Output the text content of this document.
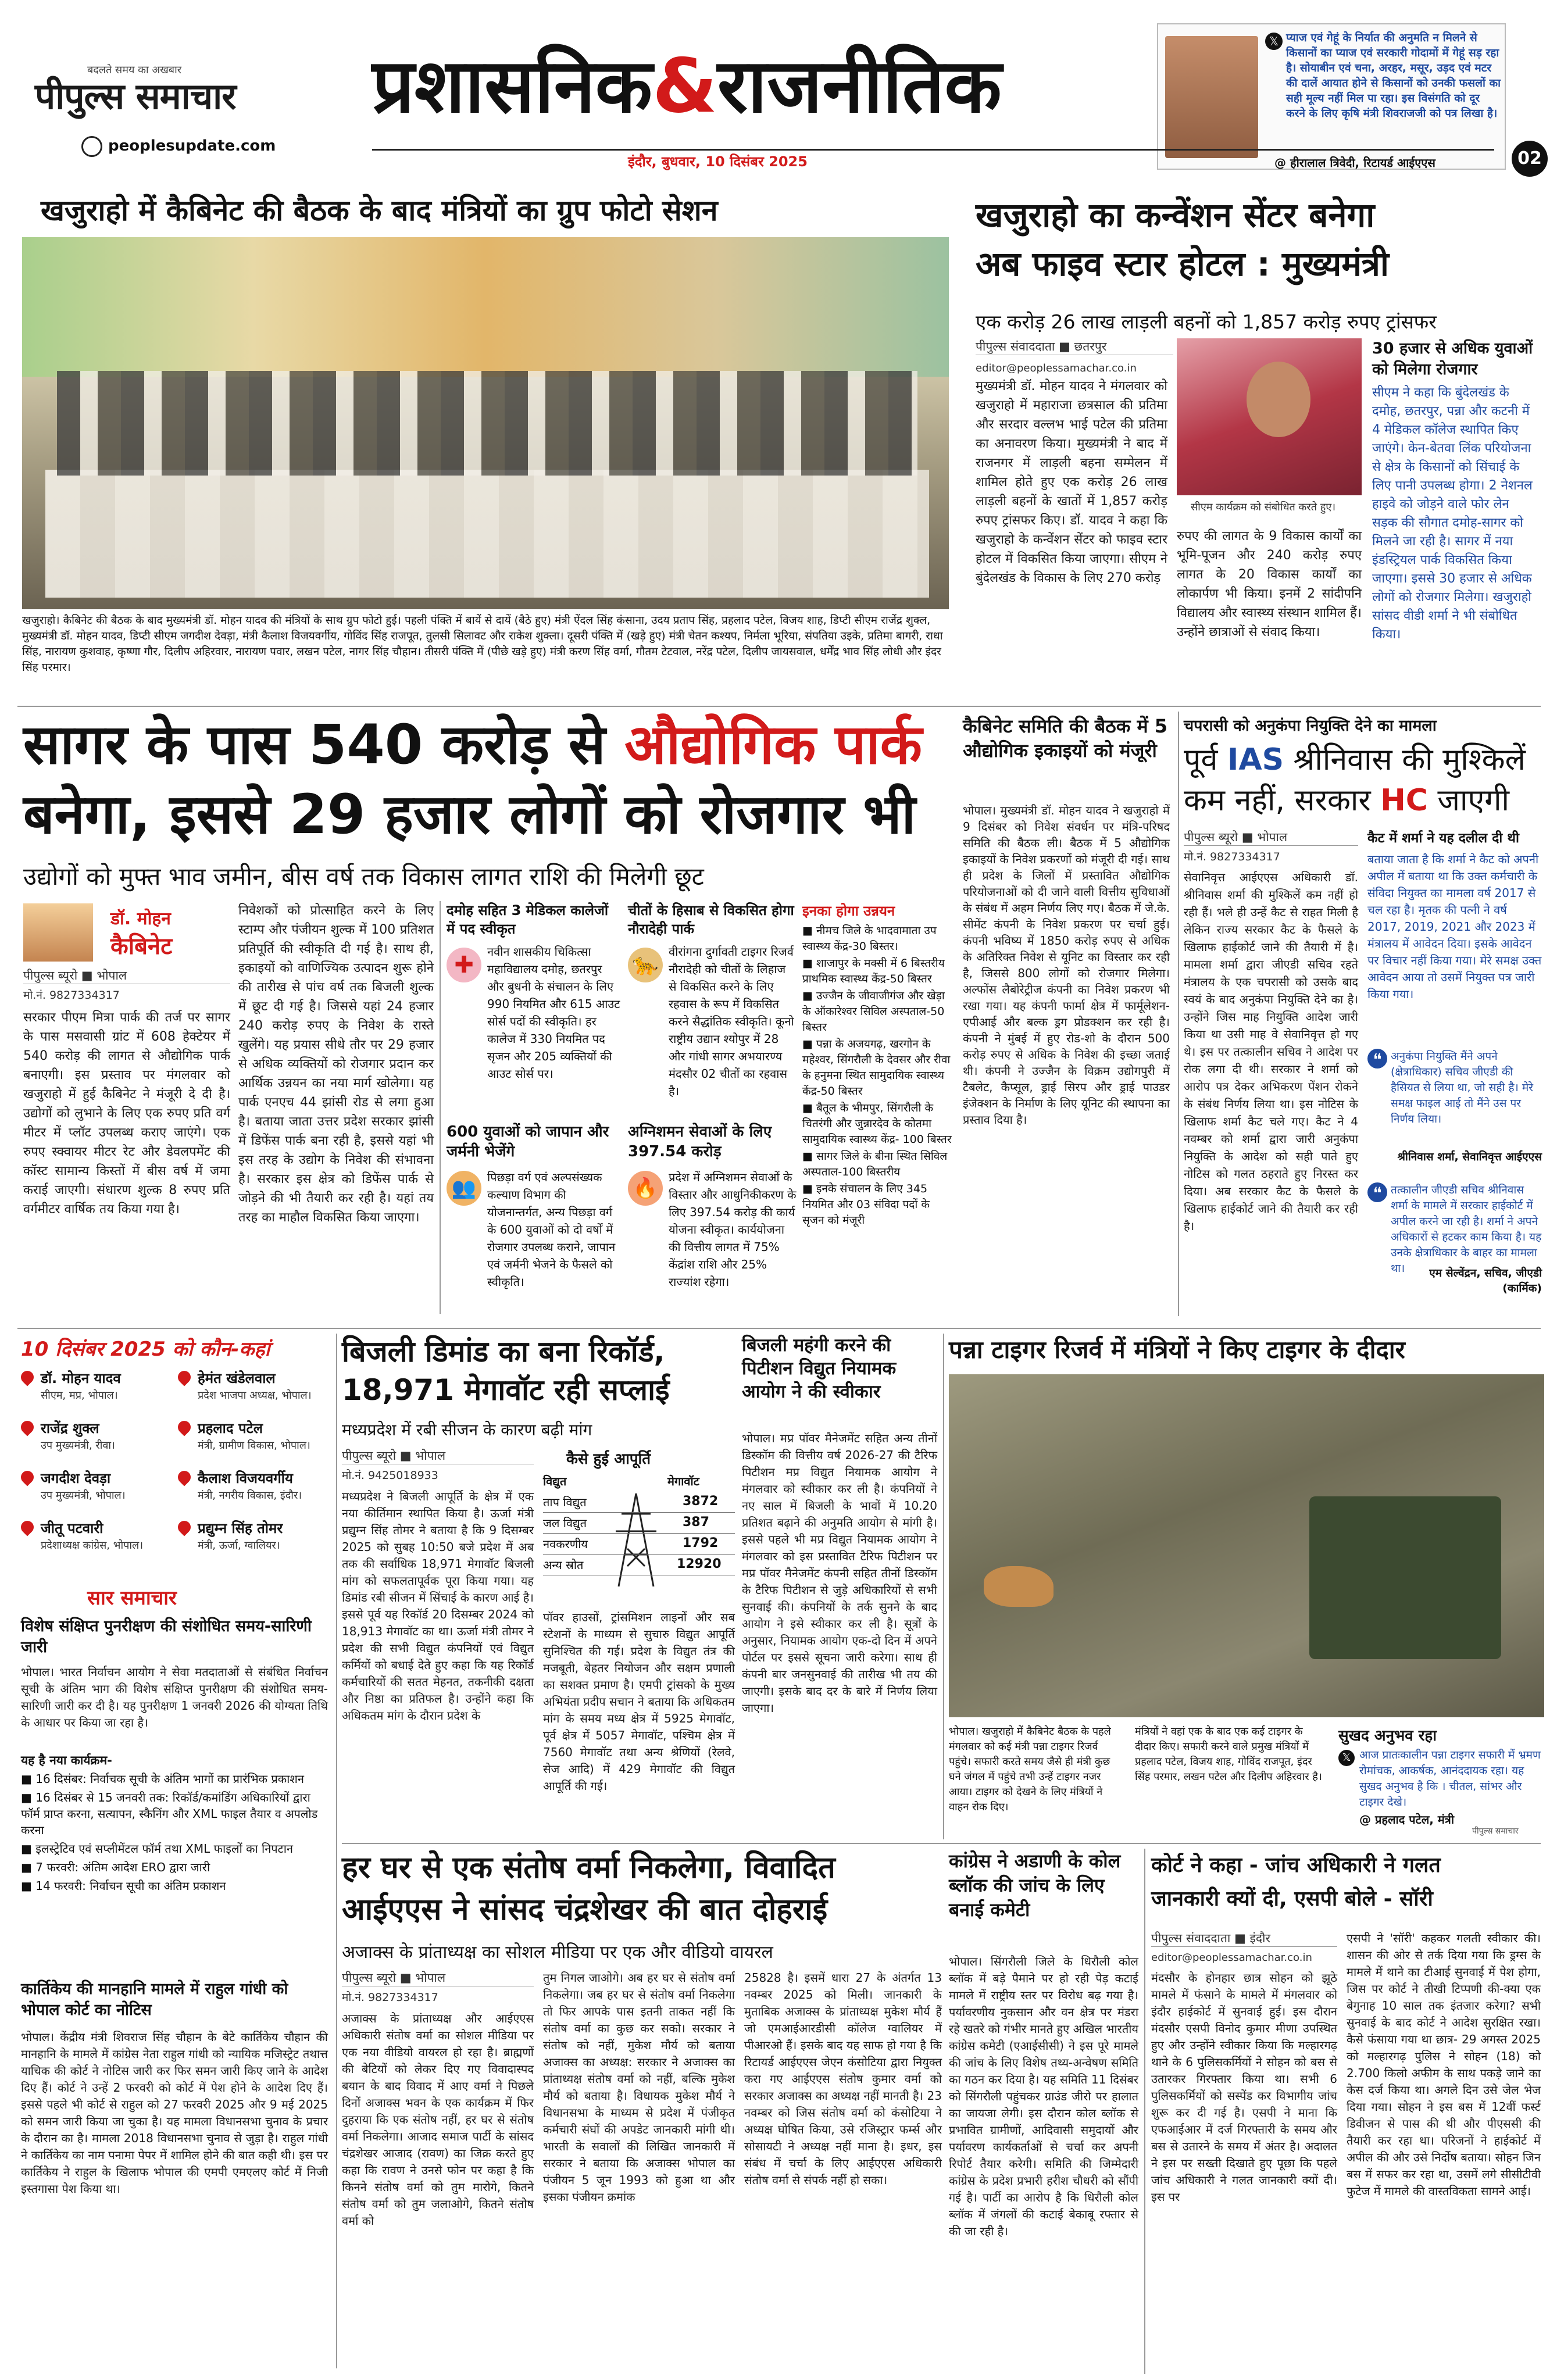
बदलते समय का अखबार
पीपुल्स समाचार
peoplesupdate.com
प्रशासनिक&राजनीतिक
𝕏 प्याज एवं गेहूं के निर्यात की अनुमति न मिलने से किसानों का प्याज एवं सरकारी गोदामों में गेहूं सड़ रहा है। सोयाबीन एवं चना, अरहर, मसूर, उड़द एवं मटर की दालें आयात होने से किसानों को उनकी फसलों का सही मूल्य नहीं मिल पा रहा। इस विसंगति को दूर करने के लिए कृषि मंत्री शिवराजजी को पत्र लिखा है।
@ हीरालाल त्रिवेदी, रिटायर्ड आईएएस
इंदौर, बुधवार, 10 दिसंबर 2025	02
खजुराहो में कैबिनेट की बैठक के बाद मंत्रियों का ग्रुप फोटो सेशन
खजुराहो। कैबिनेट की बैठक के बाद मुख्यमंत्री डॉ. मोहन यादव की मंत्रियों के साथ ग्रुप फोटो हुई। पहली पंक्ति में बायें से दायें (बैठे हुए) मंत्री ऐंदल सिंह कंसाना, उदय प्रताप सिंह, प्रहलाद पटेल, विजय शाह, डिप्टी सीएम राजेंद्र शुक्ल, मुख्यमंत्री डॉ. मोहन यादव, डिप्टी सीएम जगदीश देवड़ा, मंत्री कैलाश विजयवर्गीय, गोविंद सिंह राजपूत, तुलसी सिलावट और राकेश शुक्ला। दूसरी पंक्ति में (खड़े हुए) मंत्री चेतन कश्यप, निर्मला भूरिया, संपतिया उइके, प्रतिमा बागरी, राधा सिंह, नारायण कुशवाह, कृष्णा गौर, दिलीप अहिरवार, नारायण पवार, लखन पटेल, नागर सिंह चौहान। तीसरी पंक्ति में (पीछे खड़े हुए) मंत्री करण सिंह वर्मा, गौतम टेटवाल, नरेंद्र पटेल, दिलीप जायसवाल, धर्मेंद्र भाव सिंह लोधी और इंदर सिंह परमार।
खजुराहो का कन्वेंशन सेंटर बनेगा
अब फाइव स्टार होटल : मुख्यमंत्री
एक करोड़ 26 लाख लाड़ली बहनों को 1,857 करोड़ रुपए ट्रांसफर
पीपुल्स संवाददाता ■ छतरपुर
editor@peoplessamachar.co.in
मुख्यमंत्री डॉ. मोहन यादव ने मंगलवार को खजुराहो में महाराजा छत्रसाल की प्रतिमा और सरदार वल्लभ भाई पटेल की प्रतिमा का अनावरण किया। मुख्यमंत्री ने बाद में राजनगर में लाड़ली बहना सम्मेलन में शामिल होते हुए एक करोड़ 26 लाख लाड़ली बहनों के खातों में 1,857 करोड़ रुपए ट्रांसफर किए। डॉ. यादव ने कहा कि खजुराहो के कन्वेंशन सेंटर को फाइव स्टार होटल में विकसित किया जाएगा। सीएम ने बुंदेलखंड के विकास के लिए 270 करोड़
सीएम कार्यक्रम को संबोधित करते हुए।
रुपए की लागत के 9 विकास कार्यों का भूमि-पूजन और 240 करोड़ रुपए लागत के 20 विकास कार्यों का लोकार्पण भी किया। इनमें 2 सांदीपनि विद्यालय और स्वास्थ्य संस्थान शामिल हैं। उन्होंने छात्राओं से संवाद किया।
30 हजार से अधिक युवाओं को मिलेगा रोजगार
सीएम ने कहा कि बुंदेलखंड के दमोह, छतरपुर, पन्ना और कटनी में 4 मेडिकल कॉलेज स्थापित किए जाएंगे। केन-बेतवा लिंक परियोजना से क्षेत्र के किसानों को सिंचाई के लिए पानी उपलब्ध होगा। 2 नेशनल हाइवे को जोड़ने वाले फोर लेन सड़क की सौगात दमोह-सागर को मिलने जा रही है। सागर में नया इंडस्ट्रियल पार्क विकसित किया जाएगा। इससे 30 हजार से अधिक लोगों को रोजगार मिलेगा। खजुराहो सांसद वीडी शर्मा ने भी संबोधित किया।
सागर के पास 540 करोड़ से औद्योगिक पार्क
बनेगा, इससे 29 हजार लोगों को रोजगार भी
उद्योगों को मुफ्त भाव जमीन, बीस वर्ष तक विकास लागत राशि की मिलेगी छूट
डॉ. मोहन
कैबिनेट
पीपुल्स ब्यूरो ■ भोपाल
मो.नं. 9827334317
सरकार पीएम मित्रा पार्क की तर्ज पर सागर के पास मसवासी ग्रांट में 608 हेक्टेयर में 540 करोड़ की लागत से औद्योगिक पार्क बनाएगी। इस प्रस्ताव पर मंगलवार को खजुराहो में हुई कैबिनेट ने मंजूरी दे दी है। उद्योगों को लुभाने के लिए एक रुपए प्रति वर्ग मीटर में प्लॉट उपलब्ध कराए जाएंगे। एक रुपए स्क्वायर मीटर रेट और डेवलपमेंट की कॉस्ट सामान्य किस्तों में बीस वर्ष में जमा कराई जाएगी। संधारण शुल्क 8 रुपए प्रति वर्गमीटर वार्षिक तय किया गया है।
निवेशकों को प्रोत्साहित करने के लिए स्टाम्प और पंजीयन शुल्क में 100 प्रतिशत प्रतिपूर्ति की स्वीकृति दी गई है। साथ ही, इकाइयों को वाणिज्यिक उत्पादन शुरू होने की तारीख से पांच वर्ष तक बिजली शुल्क में छूट दी गई है। जिससे यहां 24 हजार 240 करोड़ रुपए के निवेश के रास्ते खुलेंगे। यह प्रयास सीधे तौर पर 29 हजार से अधिक व्यक्तियों को रोजगार प्रदान कर आर्थिक उन्नयन का नया मार्ग खोलेगा। यह पार्क एनएच 44 झांसी रोड से लगा हुआ है। बताया जाता उत्तर प्रदेश सरकार झांसी में डिफेंस पार्क बना रही है, इससे यहां भी इस तरह के उद्योग के निवेश की संभावना है। सरकार इस क्षेत्र को डिफेंस पार्क से जोड़ने की भी तैयारी कर रही है। यहां तय तरह का माहौल विकसित किया जाएगा।
दमोह सहित 3 मेडिकल कालेजों में पद स्वीकृत
✚	नवीन शासकीय चिकित्सा महाविद्यालय दमोह, छतरपुर और बुधनी के संचालन के लिए 990 नियमित और 615 आउट सोर्स पदों की स्वीकृति। हर कालेज में 330 नियमित पद सृजन और 205 व्यक्तियों की आउट सोर्स पर।
चीतों के हिसाब से विकसित होगा नौरादेही पार्क
🐆
वीरांगना दुर्गावती टाइगर रिजर्व नौरादेही को चीतों के लिहाज से विकसित करने के लिए रहवास के रूप में विकसित करने सैद्धांतिक स्वीकृति। कूनो राष्ट्रीय उद्यान श्योपुर में 28 और गांधी सागर अभयारण्य मंदसौर 02 चीतों का रहवास है।
600 युवाओं को जापान और जर्मनी भेजेंगे
👥 पिछड़ा वर्ग एवं अल्पसंख्यक कल्याण विभाग की योजनान्तर्गत, अन्य पिछड़ा वर्ग के 600 युवाओं को दो वर्षों में रोजगार उपलब्ध कराने, जापान एवं जर्मनी भेजने के फैसले को स्वीकृति।
अग्निशमन सेवाओं के लिए 397.54 करोड़
🔥 प्रदेश में अग्निशमन सेवाओं के विस्तार और आधुनिकीकरण के लिए 397.54 करोड़ की कार्य योजना स्वीकृत। कार्ययोजना की वित्तीय लागत में 75% केंद्रांश राशि और 25% राज्यांश रहेगा।
इनका होगा उन्नयन
■ नीमच जिले के भादवामाता उप स्वास्थ्य केंद्र-30 बिस्तर।
■ शाजापुर के मक्सी में 6 बिस्तरीय प्राथमिक स्वास्थ्य केंद्र-50 बिस्तर
■ उज्जैन के जीवाजीगंज और खेड़ा के ऑकारेश्वर सिविल अस्पताल-50 बिस्तर
■ पन्ना के अजयगढ़, खरगोन के महेश्वर, सिंगरौली के देवसर और रीवा के हनुमना स्थित सामुदायिक स्वास्थ्य केंद्र-50 बिस्तर
■ बैतूल के भीमपुर, सिंगरौली के चितरंगी और जुन्नारदेव के कोतमा सामुदायिक स्वास्थ्य केंद्र- 100 बिस्तर
■ सागर जिले के बीना स्थित सिविल अस्पताल-100 बिस्तरीय
■ इनके संचालन के लिए 345 नियमित और 03 संविदा पदों के सृजन को मंजूरी
कैबिनेट समिति की बैठक में 5 औद्योगिक इकाइयों को मंजूरी
भोपाल। मुख्यमंत्री डॉ. मोहन यादव ने खजुराहो में 9 दिसंबर को निवेश संवर्धन पर मंत्रि-परिषद समिति की बैठक ली। बैठक में 5 औद्योगिक इकाइयों के निवेश प्रकरणों को मंजूरी दी गई। साथ ही प्रदेश के जिलों में प्रस्तावित औद्योगिक परियोजनाओं को दी जाने वाली वित्तीय सुविधाओं के संबंध में अहम निर्णय लिए गए। बैठक में जे.के. सीमेंट कंपनी के निवेश प्रकरण पर चर्चा हुई। कंपनी भविष्य में 1850 करोड़ रुपए से अधिक के अतिरिक्त निवेश से यूनिट का विस्तार कर रही है, जिससे 800 लोगों को रोजगार मिलेगा। अल्फोंस लैबोरेट्रीज कंपनी का निवेश प्रकरण भी रखा गया। यह कंपनी फार्मा क्षेत्र में फार्मूलेशन-एपीआई और बल्क ड्रग प्रोडक्शन कर रही है। कंपनी ने मुंबई में हुए रोड-शो के दौरान 500 करोड़ रुपए से अधिक के निवेश की इच्छा जताई थी। कंपनी ने उज्जैन के विक्रम उद्योगपुरी में टैबलेट, कैप्सूल, ड्राई सिरप और ड्राई पाउडर इंजेक्शन के निर्माण के लिए यूनिट की स्थापना का प्रस्ताव दिया है।
चपरासी को अनुकंपा नियुक्ति देने का मामला
पूर्व IAS श्रीनिवास की मुश्किलें
कम नहीं, सरकार HC जाएगी
पीपुल्स ब्यूरो ■ भोपाल
मो.नं. 9827334317
सेवानिवृत्त आईएएस अधिकारी डॉ. श्रीनिवास शर्मा की मुश्किलें कम नहीं हो रही हैं। भले ही उन्हें कैट से राहत मिली है लेकिन राज्य सरकार कैट के फैसले के खिलाफ हाईकोर्ट जाने की तैयारी में है। मामला शर्मा द्वारा जीएडी सचिव रहते मंत्रालय के एक चपरासी को उसके बाद स्वयं के बाद अनुकंपा नियुक्ति देने का है। उन्होंने जिस माह नियुक्ति आदेश जारी किया था उसी माह वे सेवानिवृत्त हो गए थे। इस पर तत्कालीन सचिव ने आदेश पर रोक लगा दी थी। सरकार ने शर्मा को आरोप पत्र देकर अभिकरण पेंशन रोकने के संबंध निर्णय लिया था। इस नोटिस के खिलाफ शर्मा कैट चले गए। कैट ने 4 नवम्बर को शर्मा द्वारा जारी अनुकंपा नियुक्ति के आदेश को सही पाते हुए नोटिस को गलत ठहराते हुए निरस्त कर दिया। अब सरकार कैट के फैसले के खिलाफ हाईकोर्ट जाने की तैयारी कर रही है।
कैट में शर्मा ने यह दलील दी थी
बताया जाता है कि शर्मा ने कैट को अपनी अपील में बताया था कि उक्त कर्मचारी के संविदा नियुक्त का मामला वर्ष 2017 से चल रहा है। मृतक की पत्नी ने वर्ष 2017, 2019, 2021 और 2023 में मंत्रालय में आवेदन दिया। इसके आवेदन पर विचार नहीं किया गया। मेरे समक्ष उक्त आवेदन आया तो उसमें नियुक्त पत्र जारी किया गया।
❝ अनुकंपा नियुक्ति मैंने अपने (क्षेत्राधिकार) सचिव जीएडी की हैसियत से लिया था, जो सही है। मेरे समक्ष फाइल आई तो मैंने उस पर निर्णय लिया।
श्रीनिवास शर्मा, सेवानिवृत्त आईएएस
❝ तत्कालीन जीएडी सचिव श्रीनिवास शर्मा के मामले में सरकार हाईकोर्ट में अपील करने जा रही है। शर्मा ने अपने अधिकारों से हटकर काम किया है। यह उनके क्षेत्राधिकार के बाहर का मामला था।	एम सेल्वेंद्रन, सचिव, जीएडी (कार्मिक)
10 दिसंबर 2025 को कौन-कहां
डॉ. मोहन यादव
सीएम, मप्र, भोपाल।
हेमंत खंडेलवाल
प्रदेश भाजपा अध्यक्ष, भोपाल।
राजेंद्र शुक्ल
उप मुख्यमंत्री, रीवा।
प्रहलाद पटेल
मंत्री, ग्रामीण विकास, भोपाल।
जगदीश देवड़ा
उप मुख्यमंत्री, भोपाल।
कैलाश विजयवर्गीय
मंत्री, नगरीय विकास, इंदौर।
जीतू पटवारी
प्रदेशाध्यक्ष कांग्रेस, भोपाल।
प्रद्युम्न सिंह तोमर
मंत्री, ऊर्जा, ग्वालियर।
सार समाचार
विशेष संक्षिप्त पुनरीक्षण की संशोधित समय-सारिणी जारी
भोपाल। भारत निर्वाचन आयोग ने सेवा मतदाताओं से संबंधित निर्वाचन सूची के अंतिम भाग की विशेष संक्षिप्त पुनरीक्षण की संशोधित समय-सारिणी जारी कर दी है। यह पुनरीक्षण 1 जनवरी 2026 की योग्यता तिथि के आधार पर किया जा रहा है।
यह है नया कार्यक्रम-
■ 16 दिसंबर: निर्वाचक सूची के अंतिम भागों का प्रारंभिक प्रकाशन
■ 16 दिसंबर से 15 जनवरी तक: रिकॉर्ड/कमांडिंग अधिकारियों द्वारा फॉर्म प्राप्त करना, सत्यापन, स्कैनिंग और XML फाइल तैयार व अपलोड करना
■ इलस्ट्रेटिव एवं सप्लीमेंटल फॉर्म तथा XML फाइलों का निपटान
■ 7 फरवरी: अंतिम आदेश ERO द्वारा जारी
■ 14 फरवरी: निर्वाचन सूची का अंतिम प्रकाशन
कार्तिकेय की मानहानि मामले में राहुल गांधी को भोपाल कोर्ट का नोटिस
भोपाल। केंद्रीय मंत्री शिवराज सिंह चौहान के बेटे कार्तिकेय चौहान की मानहानि के मामले में कांग्रेस नेता राहुल गांधी को न्यायिक मजिस्ट्रेट तथात्त याचिक की कोर्ट ने नोटिस जारी कर फिर समन जारी किए जाने के आदेश दिए हैं। कोर्ट ने उन्हें 2 फरवरी को कोर्ट में पेश होने के आदेश दिए हैं। इससे पहले भी कोर्ट से राहुल को 27 फरवरी 2025 और 9 मई 2025 को समन जारी किया जा चुका है। यह मामला विधानसभा चुनाव के प्रचार के दौरान का है। मामला 2018 विधानसभा चुनाव से जुड़ा है। राहुल गांधी ने कार्तिकेय का नाम पनामा पेपर में शामिल होने की बात कही थी। इस पर कार्तिकेय ने राहुल के खिलाफ भोपाल की एमपी एमएलए कोर्ट में निजी इस्तगासा पेश किया था।
बिजली डिमांड का बना रिकॉर्ड,
18,971 मेगावॉट रही सप्लाई
मध्यप्रदेश में रबी सीजन के कारण बढ़ी मांग
पीपुल्स ब्यूरो ■ भोपाल
मो.नं. 9425018933
मध्यप्रदेश ने बिजली आपूर्ति के क्षेत्र में एक नया कीर्तिमान स्थापित किया है। ऊर्जा मंत्री प्रद्युम्न सिंह तोमर ने बताया है कि 9 दिसम्बर 2025 को सुबह 10:50 बजे प्रदेश में अब तक की सर्वाधिक 18,971 मेगावॉट बिजली मांग को सफलतापूर्वक पूरा किया गया। यह डिमांड रबी सीजन में सिंचाई के कारण आई है। इससे पूर्व यह रिकॉर्ड 20 दिसम्बर 2024 को 18,913 मेगावॉट का था। ऊर्जा मंत्री तोमर ने प्रदेश की सभी विद्युत कंपनियों एवं विद्युत कर्मियों को बधाई देते हुए कहा कि यह रिकॉर्ड कर्मचारियों की सतत मेहनत, तकनीकी दक्षता और निष्ठा का प्रतिफल है। उन्होंने कहा कि अधिकतम मांग के दौरान प्रदेश के
कैसे हुई आपूर्ति
विद्युत	मेगावॉट
ताप विद्युत	3872
जल विद्युत	387
नवकरणीय	1792
अन्य स्रोत	12920
पॉवर हाउसों, ट्रांसमिशन लाइनों और सब स्टेशनों के माध्यम से सुचारु विद्युत आपूर्ति सुनिश्चित की गई। प्रदेश के विद्युत तंत्र की मजबूती, बेहतर नियोजन और सक्षम प्रणाली का सशक्त प्रमाण है। एमपी ट्रांसको के मुख्य अभियंता प्रदीप सचान ने बताया कि अधिकतम मांग के समय मध्य क्षेत्र में 5925 मेगावॉट, पूर्व क्षेत्र में 5057 मेगावॉट, पश्चिम क्षेत्र में 7560 मेगावॉट तथा अन्य श्रेणियों (रेलवे, सेज आदि) में 429 मेगावॉट की विद्युत आपूर्ति की गई।
बिजली महंगी करने की पिटीशन विद्युत नियामक आयोग ने की स्वीकार
भोपाल। मप्र पॉवर मैनेजमेंट सहित अन्य तीनों डिस्कॉम की वित्तीय वर्ष 2026-27 की टैरिफ पिटीशन मप्र विद्युत नियामक आयोग ने मंगलवार को स्वीकार कर ली है। कंपनियों ने नए साल में बिजली के भावों में 10.20 प्रतिशत बढ़ाने की अनुमति आयोग से मांगी है। इससे पहले भी मप्र विद्युत नियामक आयोग ने मंगलवार को इस प्रस्तावित टैरिफ पिटीशन पर मप्र पॉवर मैनेजमेंट कंपनी सहित तीनों डिस्कॉम के टैरिफ पिटीशन से जुड़े अधिकारियों से सभी सुनवाई की। कंपनियों के तर्क सुनने के बाद आयोग ने इसे स्वीकार कर ली है। सूत्रों के अनुसार, नियामक आयोग एक-दो दिन में अपने पोर्टल पर इससे सूचना जारी करेगा। साथ ही कंपनी बार जनसुनवाई की तारीख भी तय की जाएगी। इसके बाद दर के बारे में निर्णय लिया जाएगा।
पन्ना टाइगर रिजर्व में मंत्रियों ने किए टाइगर के दीदार
भोपाल। खजुराहो में कैबिनेट बैठक के पहले मंगलवार को कई मंत्री पन्ना टाइगर रिजर्व पहुंचे। सफारी करते समय जैसे ही मंत्री कुछ घने जंगल में पहुंचे तभी उन्हें टाइगर नजर आया। टाइगर को देखने के लिए मंत्रियों ने वाहन रोक दिए।
मंत्रियों ने वहां एक के बाद एक कई टाइगर के दीदार किए। सफारी करने वाले प्रमुख मंत्रियों में प्रहलाद पटेल, विजय शाह, गोविंद राजपूत, इंदर सिंह परमार, लखन पटेल और दिलीप अहिरवार है।
सुखद अनुभव रहा
𝕏 आज प्रातःकालीन पन्ना टाइगर सफारी में भ्रमण रोमांचक, आकर्षक, आनंददायक रहा। यह सुखद अनुभव है कि । चीतल, सांभर और टाइगर देखे।
@ प्रहलाद पटेल, मंत्री
पीपुल्स समाचार
हर घर से एक संतोष वर्मा निकलेगा, विवादित
आईएएस ने सांसद चंद्रशेखर की बात दोहराई
अजाक्स के प्रांताध्यक्ष का सोशल मीडिया पर एक और वीडियो वायरल
पीपुल्स ब्यूरो ■ भोपाल
मो.नं. 9827334317
अजाक्स के प्रांताध्यक्ष और आईएएस अधिकारी संतोष वर्मा का सोशल मीडिया पर एक नया वीडियो वायरल हो रहा है। ब्राह्मणों की बेटियों को लेकर दिए गए विवादास्पद बयान के बाद विवाद में आए वर्मा ने पिछले दिनों अजाक्स भवन के एक कार्यक्रम में फिर दुहराया कि एक संतोष नहीं, हर घर से संतोष वर्मा निकलेगा। आजाद समाज पार्टी के सांसद चंद्रशेखर आजाद (रावण) का जिक्र करते हुए कहा कि रावण ने उनसे फोन पर कहा है कि किनने संतोष वर्मा को तुम मारोगे, कितने संतोष वर्मा को तुम जलाओगे, कितने संतोष वर्मा को
तुम निगल जाओगे। अब हर घर से संतोष वर्मा निकलेगा। जब हर घर से संतोष वर्मा निकलेगा तो फिर आपके पास इतनी ताकत नहीं कि संतोष वर्मा का कुछ कर सको। सरकार ने संतोष को नहीं, मुकेश मौर्य को बताया अजाक्स का अध्यक्ष: सरकार ने अजाक्स का प्रांताध्यक्ष संतोष वर्मा को नहीं, बल्कि मुकेश मौर्य को बताया है। विधायक मुकेश मौर्य ने विधानसभा के माध्यम से प्रदेश में पंजीकृत कर्मचारी संघों की अपडेट जानकारी मांगी थी। भारती के सवालों की लिखित जानकारी में सरकार ने बताया कि अजाक्स भोपाल का पंजीयन 5 जून 1993 को हुआ था और इसका पंजीयन क्रमांक
25828 है। इसमें धारा 27 के अंतर्गत 13 नवम्बर 2025 को मिली। जानकारी के मुताबिक अजाक्स के प्रांताध्यक्ष मुकेश मौर्य हैं जो एमआईआरडीसी कॉलेज ग्वालियर में पीआरओ हैं। इसके बाद यह साफ हो गया है कि रिटायर्ड आईएएस जेएन कंसोटिया द्वारा नियुक्त करा गए आईएएस संतोष कुमार वर्मा को सरकार अजाक्स का अध्यक्ष नहीं मानती है। 23 नवम्बर को जिस संतोष वर्मा को कंसोटिया ने अध्यक्ष घोषित किया, उसे रजिस्ट्रार फर्म्स और सोसायटी ने अध्यक्ष नहीं माना है। इधर, इस संबंध में चर्चा के लिए आईएएस अधिकारी संतोष वर्मा से संपर्क नहीं हो सका।
कांग्रेस ने अडाणी के कोल ब्लॉक की जांच के लिए बनाई कमेटी
भोपाल। सिंगरौली जिले के धिरौली कोल ब्लॉक में बड़े पैमाने पर हो रही पेड़ कटाई मामले में राष्ट्रीय स्तर पर विरोध बढ़ गया है। पर्यावरणीय नुकसान और वन क्षेत्र पर मंडरा रहे खतरे को गंभीर मानते हुए अखिल भारतीय कांग्रेस कमेटी (एआईसीसी) ने इस पूरे मामले की जांच के लिए विशेष तथ्य-अन्वेषण समिति का गठन कर दिया है। यह समिति 11 दिसंबर को सिंगरौली पहुंचकर ग्राउंड जीरो पर हालात का जायजा लेगी। इस दौरान कोल ब्लॉक से प्रभावित ग्रामीणों, आदिवासी समुदायों और पर्यावरण कार्यकर्ताओं से चर्चा कर अपनी रिपोर्ट तैयार करेगी। समिति की जिम्मेदारी कांग्रेस के प्रदेश प्रभारी हरीश चौधरी को सौंपी गई है। पार्टी का आरोप है कि धिरौली कोल ब्लॉक में जंगलों की कटाई बेकाबू रफ्तार से की जा रही है।
कोर्ट ने कहा - जांच अधिकारी ने गलत
जानकारी क्यों दी, एसपी बोले - सॉरी
पीपुल्स संवाददाता ■ इंदौर
editor@peoplessamachar.co.in
मंदसौर के होनहार छात्र सोहन को झूठे मामले में फंसाने के मामले में मंगलवार को इंदौर हाईकोर्ट में सुनवाई हुई। इस दौरान मंदसौर एसपी विनोद कुमार मीणा उपस्थित हुए और उन्होंने स्वीकार किया कि मल्हारगढ़ थाने के 6 पुलिसकर्मियों ने सोहन को बस से उतारकर गिरफ्तार किया था। सभी 6 पुलिसकर्मियों को सस्पेंड कर विभागीय जांच शुरू कर दी गई है। एसपी ने माना कि एफआईआर में दर्ज गिरफ्तारी के समय और बस से उतारने के समय में अंतर है। अदालत ने इस पर सख्ती दिखाते हुए पूछा कि पहले जांच अधिकारी ने गलत जानकारी क्यों दी। इस पर
एसपी ने 'सॉरी' कहकर गलती स्वीकार की। शासन की ओर से तर्क दिया गया कि ड्रग्स के मामले में थाने का टीआई सुनवाई में पेश होगा, जिस पर कोर्ट ने तीखी टिप्पणी की-क्या एक बेगुनाह 10 साल तक इंतजार करेगा? सभी सुनवाई के बाद कोर्ट ने आदेश सुरक्षित रखा। कैसे फंसाया गया था छात्र- 29 अगस्त 2025 को मल्हारगढ़ पुलिस ने सोहन (18) को 2.700 किलो अफीम के साथ पकड़े जाने का केस दर्ज किया था। अगले दिन उसे जेल भेज दिया गया। सोहन ने इस बस में 12वीं फर्स्ट डिवीजन से पास की थी और पीएससी की तैयारी कर रहा था। परिजनों ने हाईकोर्ट में अपील की और उसे निर्दोष बताया। सोहन जिन बस में सफर कर रहा था, उसमें लगे सीसीटीवी फुटेज में मामले की वास्तविकता सामने आई।
